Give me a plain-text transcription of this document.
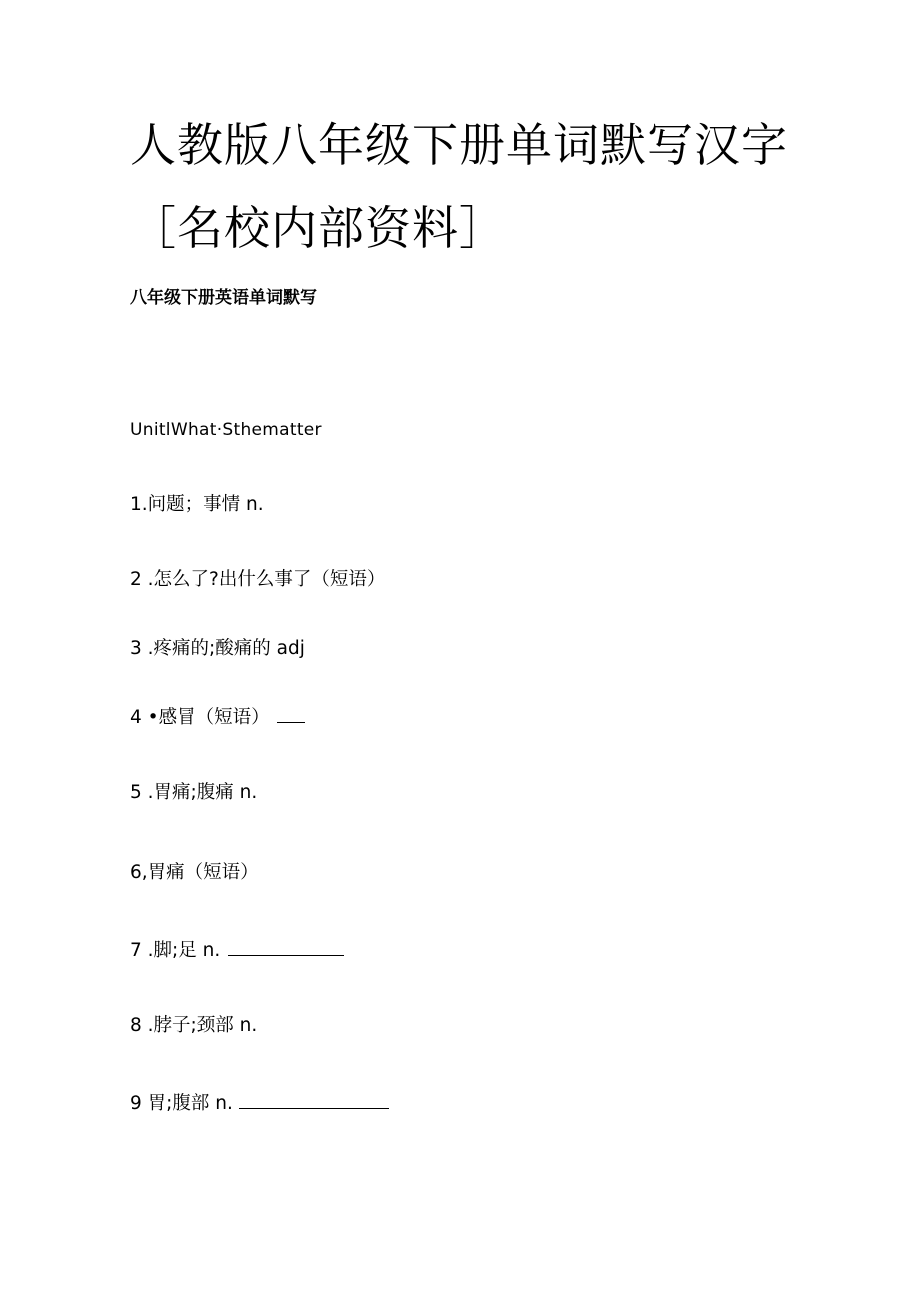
人教版八年级下册单词默写汉字
［名校内部资料］
八年级下册英语单词默写
UnitlWhat·Sthematter
1.问题；事情 n.
2 .怎么了?出什么事了（短语）
3 .疼痛的;酸痛的 adj
4 •感冒（短语）
5 .胃痛;腹痛 n.
6,胃痛（短语）
7 .脚;足 n.
8 .脖子;颈部 n.
9 胃;腹部 n.
